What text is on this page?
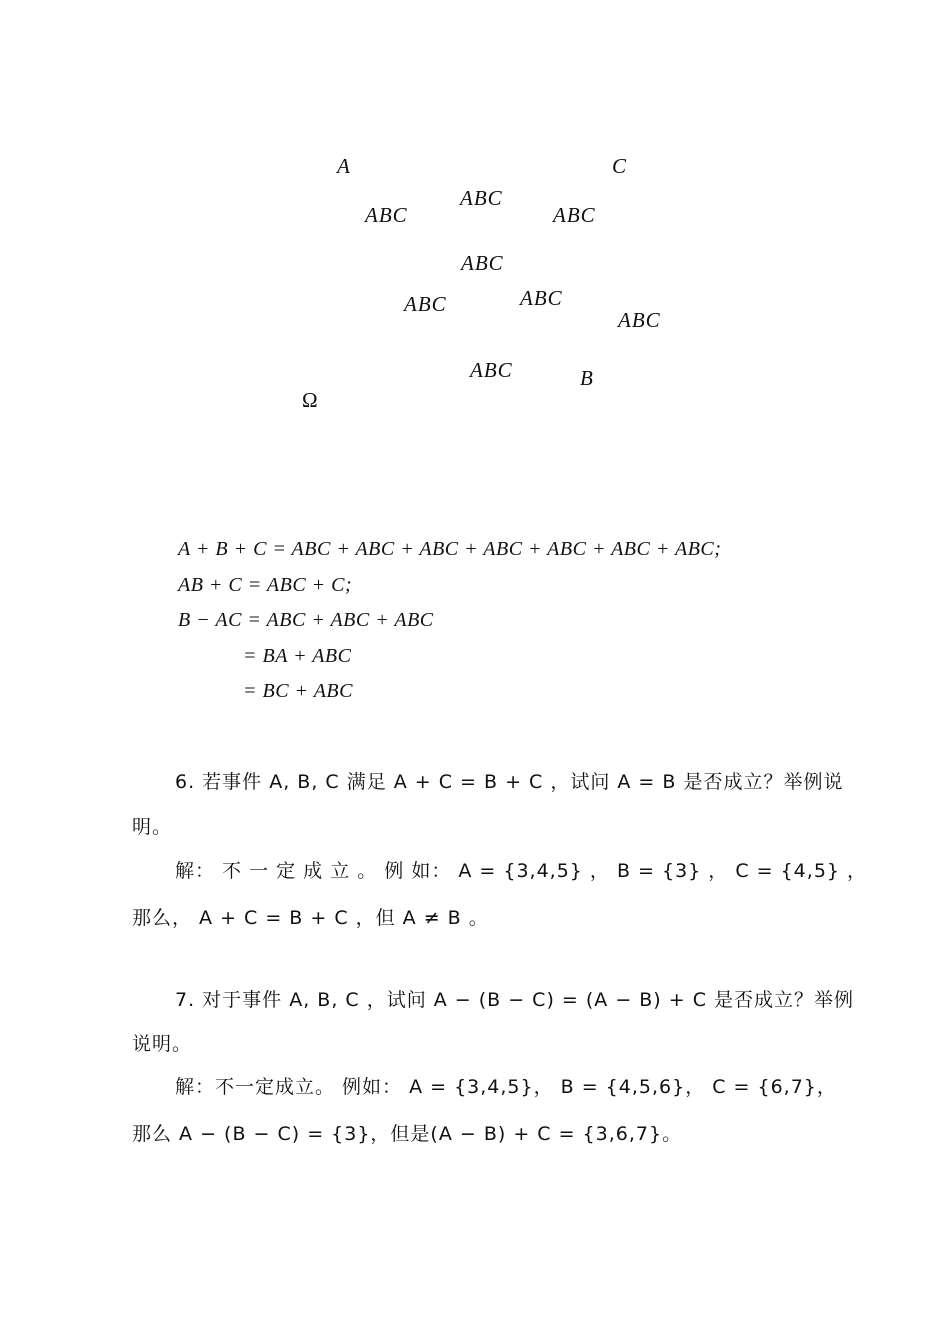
A	C
B
Ω
ABC
ABC
ABC
ABC
ABC	ABC
ABC
ABC
A + B + C = ABC + ABC + ABC + ABC + ABC + ABC + ABC;
AB + C = ABC + C;
B − AC = ABC + ABC + ABC
= BA + ABC
= BC + ABC
6. 若事件 A, B, C 满足 A + C = B + C ，试问 A = B 是否成立？举例说
明。
解： 不 一 定 成 立 。 例 如： A = {3,4,5} ， B = {3} ， C = {4,5} ，
那么， A + C = B + C ，但 A ≠ B 。
7. 对于事件 A, B, C ，试问 A − (B − C) = (A − B) + C 是否成立？举例
说明。
解：不一定成立。 例如： A = {3,4,5}， B = {4,5,6}， C = {6,7}，
那么 A − (B − C) = {3}，但是(A − B) + C = {3,6,7}。
